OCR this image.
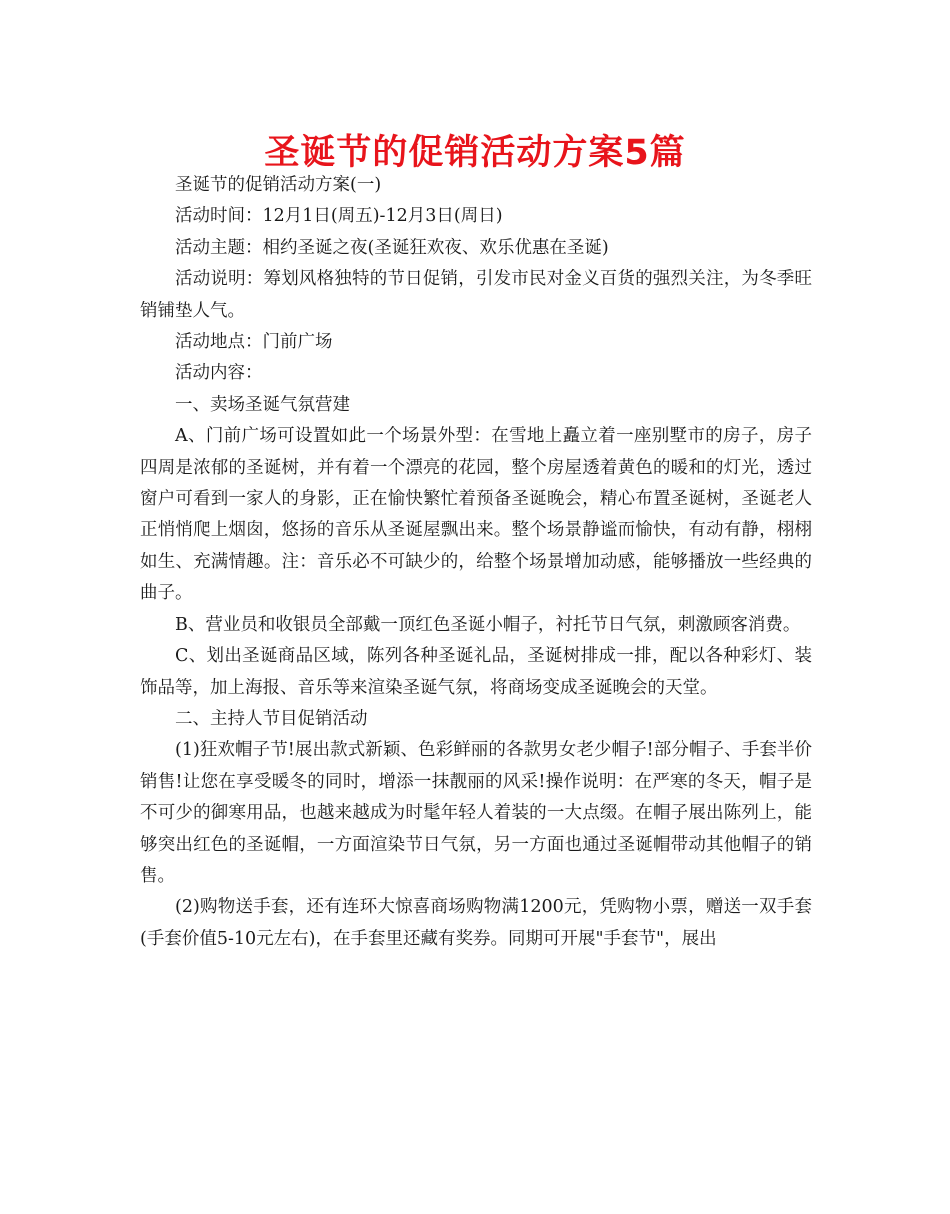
圣诞节的促销活动方案5篇

圣诞节的促销活动方案(一)

活动时间：12月1日(周五)-12月3日(周日)

活动主题：相约圣诞之夜(圣诞狂欢夜、欢乐优惠在圣诞)

活动说明：筹划风格独特的节日促销，引发市民对金义百货的强烈关注，为冬季旺销铺垫人气。

活动地点：门前广场

活动内容：

一、卖场圣诞气氛营建

A、门前广场可设置如此一个场景外型：在雪地上矗立着一座别墅市的房子，房子四周是浓郁的圣诞树，并有着一个漂亮的花园，整个房屋透着黄色的暖和的灯光，透过窗户可看到一家人的身影，正在愉快繁忙着预备圣诞晚会，精心布置圣诞树，圣诞老人正悄悄爬上烟囱，悠扬的音乐从圣诞屋飘出来。整个场景静谧而愉快，有动有静，栩栩如生、充满情趣。注：音乐必不可缺少的，给整个场景增加动感，能够播放一些经典的曲子。

B、营业员和收银员全部戴一顶红色圣诞小帽子，衬托节日气氛，刺激顾客消费。

C、划出圣诞商品区域，陈列各种圣诞礼品，圣诞树排成一排，配以各种彩灯、装饰品等，加上海报、音乐等来渲染圣诞气氛，将商场变成圣诞晚会的天堂。

二、主持人节目促销活动

(1)狂欢帽子节!展出款式新颖、色彩鲜丽的各款男女老少帽子!部分帽子、手套半价销售!让您在享受暖冬的同时，增添一抹靓丽的风采!操作说明：在严寒的冬天，帽子是不可少的御寒用品，也越来越成为时髦年轻人着装的一大点缀。在帽子展出陈列上，能够突出红色的圣诞帽，一方面渲染节日气氛，另一方面也通过圣诞帽带动其他帽子的销售。

(2)购物送手套，还有连环大惊喜商场购物满1200元，凭购物小票，赠送一双手套(手套价值5-10元左右)，在手套里还藏有奖券。同期可开展"手套节"，展出
